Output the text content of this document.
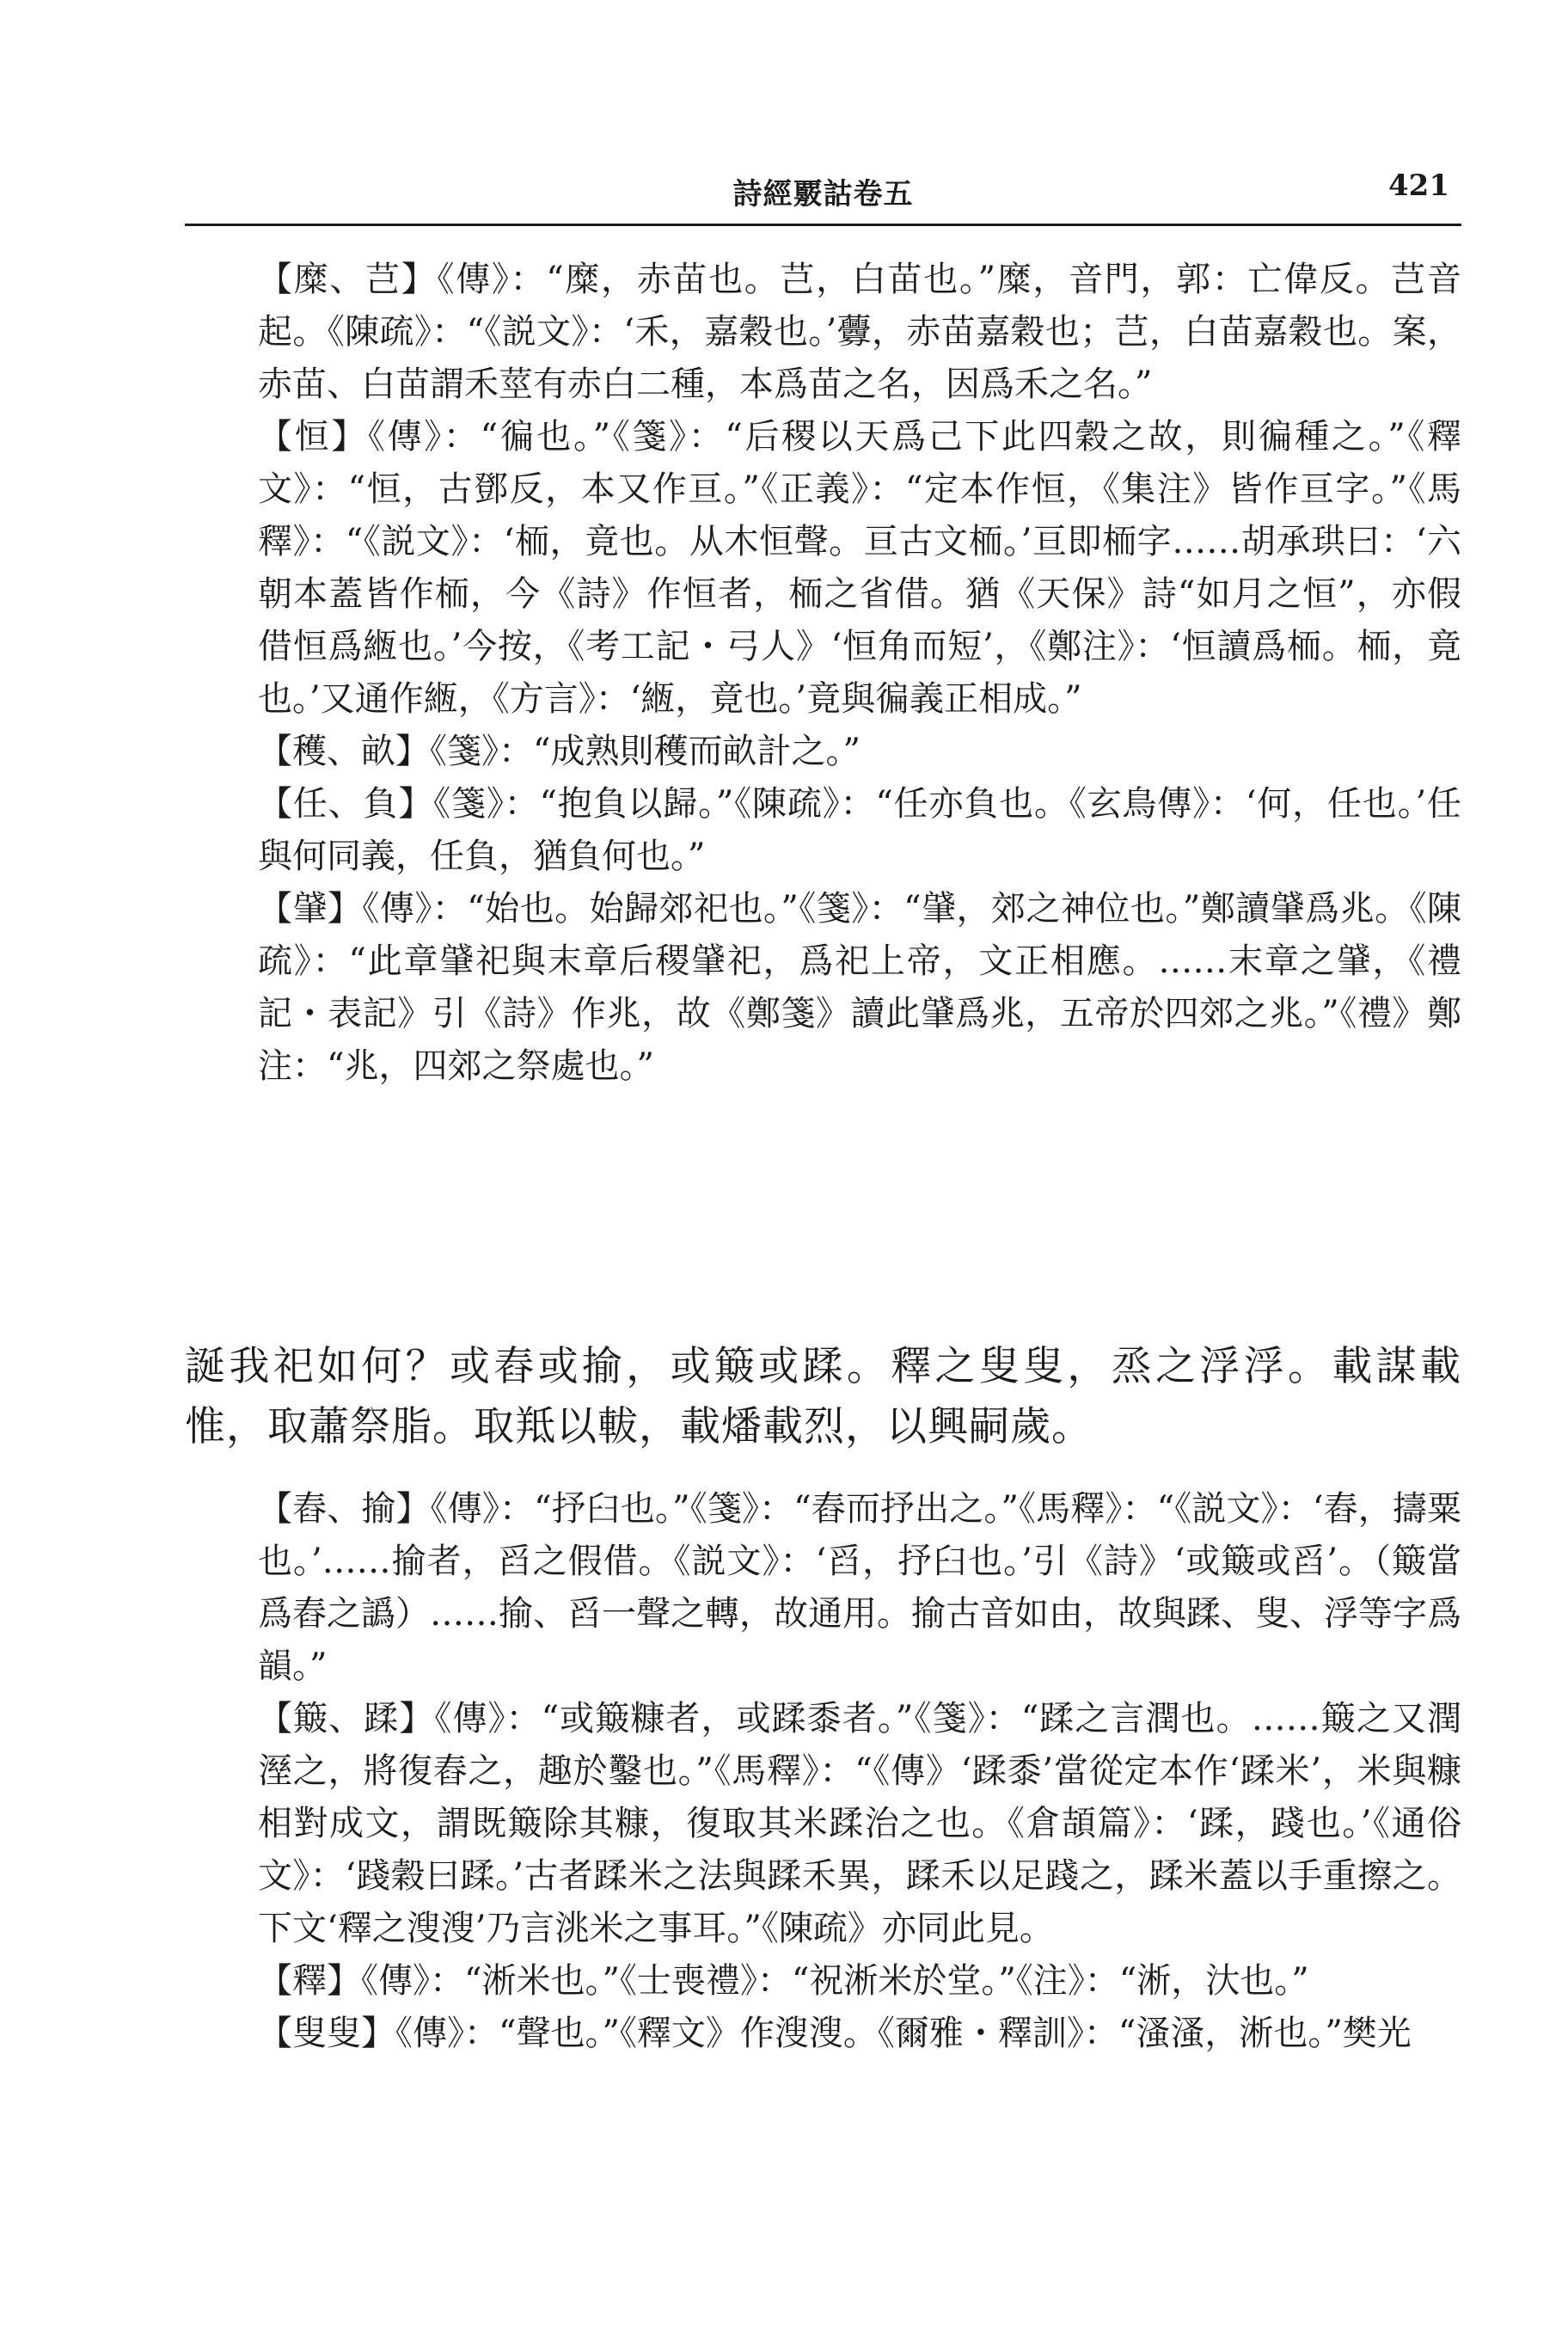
詩經覈詁卷五	421

【糜、芑】《傳》：“糜，赤苗也。芑，白苗也。”糜，音門，郭：亡偉反。芑音起。《陳疏》：“《説文》：‘禾，嘉穀也。’虋，赤苗嘉穀也；芑，白苗嘉穀也。案，赤苗、白苗謂禾莖有赤白二種，本爲苗之名，因爲禾之名。”

【恒】《傳》：“徧也。”《箋》：“后稷以天爲己下此四穀之故，則徧種之。”《釋文》：“恒，古鄧反，本又作亘。”《正義》：“定本作恒，《集注》皆作亘字。”《馬釋》：“《説文》：‘栭，竟也。从木恒聲。亘古文栭。’亘即栭字……胡承珙曰：‘六朝本蓋皆作栭，今《詩》作恒者，栭之省借。猶《天保》詩“如月之恒”，亦假借恒爲緪也。’今按，《考工記・弓人》‘恒角而短’，《鄭注》：‘恒讀爲栭。栭，竟也。’又通作緪，《方言》：‘緪，竟也。’竟與徧義正相成。”

【穫、畝】《箋》：“成熟則穫而畝計之。”

【任、負】《箋》：“抱負以歸。”《陳疏》：“任亦負也。《玄鳥傳》：‘何，任也。’任與何同義，任負，猶負何也。”

【肈】《傳》：“始也。始歸郊祀也。”《箋》：“肈，郊之神位也。”鄭讀肈爲兆。《陳疏》：“此章肈祀與末章后稷肈祀，爲祀上帝，文正相應。……末章之肈，《禮記・表記》引《詩》作兆，故《鄭箋》讀此肈爲兆，五帝於四郊之兆。”《禮》鄭注：“兆，四郊之祭處也。”

誕我祀如何？或舂或揄，或簸或蹂。釋之叟叟，烝之浮浮。載謀載惟，取蕭祭脂。取羝以軷，載燔載烈，以興嗣歲。

【舂、揄】《傳》：“抒臼也。”《箋》：“舂而抒出之。”《馬釋》：“《説文》：‘舂，擣粟也。’……揄者，舀之假借。《説文》：‘舀，抒臼也。’引《詩》‘或簸或舀’。（簸當爲舂之譌）……揄、舀一聲之轉，故通用。揄古音如由，故與蹂、叟、浮等字爲韻。”

【簸、蹂】《傳》：“或簸糠者，或蹂黍者。”《箋》：“蹂之言潤也。……簸之又潤溼之，將復舂之，趣於鑿也。”《馬釋》：“《傳》‘蹂黍’當從定本作‘蹂米’，米與糠相對成文，謂既簸除其糠，復取其米蹂治之也。《倉頡篇》：‘蹂，踐也。’《通俗文》：‘踐穀曰蹂。’古者蹂米之法與蹂禾異，蹂禾以足踐之，蹂米蓋以手重擦之。下文‘釋之溲溲’乃言洮米之事耳。”《陳疏》亦同此見。

【釋】《傳》：“淅米也。”《士喪禮》：“祝淅米於堂。”《注》：“淅，汏也。”

【叟叟】《傳》：“聲也。”《釋文》作溲溲。《爾雅・釋訓》：“溞溞，淅也。”樊光
